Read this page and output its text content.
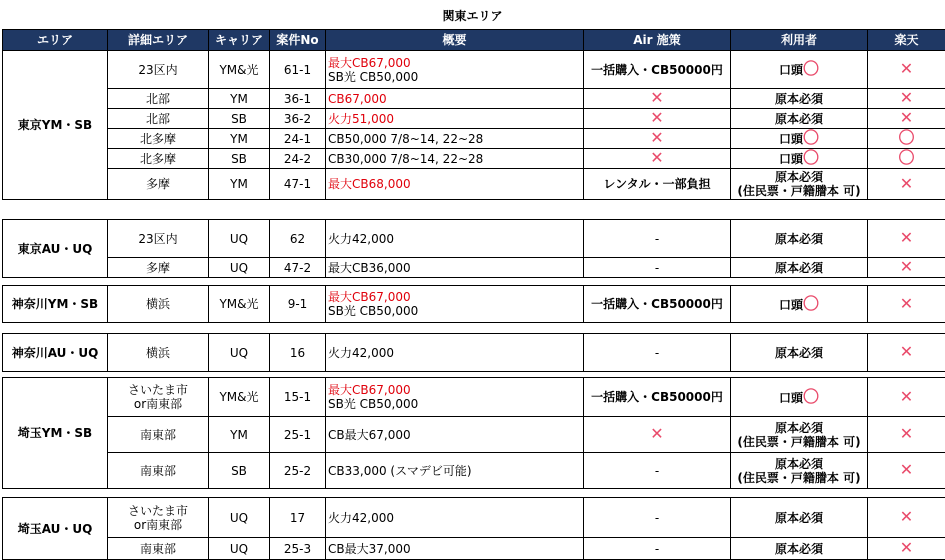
関東エリア
エリア	詳細エリア	キャリア	案件No	概要	Air 施策	利用者	楽天
東京YM・SB	23区内	YM&光	61-1	最大CB67,000
SB光 CB50,000	一括購入・CB50000円	口頭〇	✕
	北部	YM	36-1	CB67,000	✕	原本必須	✕
	北部	SB	36-2	火力51,000	✕	原本必須	✕
	北多摩	YM	24-1	CB50,000 7/8~14, 22~28	✕	口頭〇	〇
	北多摩	SB	24-2	CB30,000 7/8~14, 22~28	✕	口頭〇	〇
	多摩	YM	47-1	最大CB68,000	レンタル・一部負担	原本必須
(住民票・戸籍謄本 可)	✕
東京AU・UQ	23区内	UQ	62	火力42,000	-	原本必須	✕
	多摩	UQ	47-2	最大CB36,000	-	原本必須	✕
神奈川YM・SB	横浜	YM&光	9-1	最大CB67,000
SB光 CB50,000	一括購入・CB50000円	口頭〇	✕
神奈川AU・UQ	横浜	UQ	16	火力42,000	-	原本必須	✕
埼玉YM・SB	さいたま市
or南東部	YM&光	15-1	最大CB67,000
SB光 CB50,000	一括購入・CB50000円	口頭〇	✕
	南東部	YM	25-1	CB最大67,000	✕	原本必須
(住民票・戸籍謄本 可)	✕
	南東部	SB	25-2	CB33,000 (スマデビ可能)	-	原本必須
(住民票・戸籍謄本 可)	✕
埼玉AU・UQ	さいたま市
or南東部	UQ	17	火力42,000	-	原本必須	✕
	南東部	UQ	25-3	CB最大37,000	-	原本必須	✕
